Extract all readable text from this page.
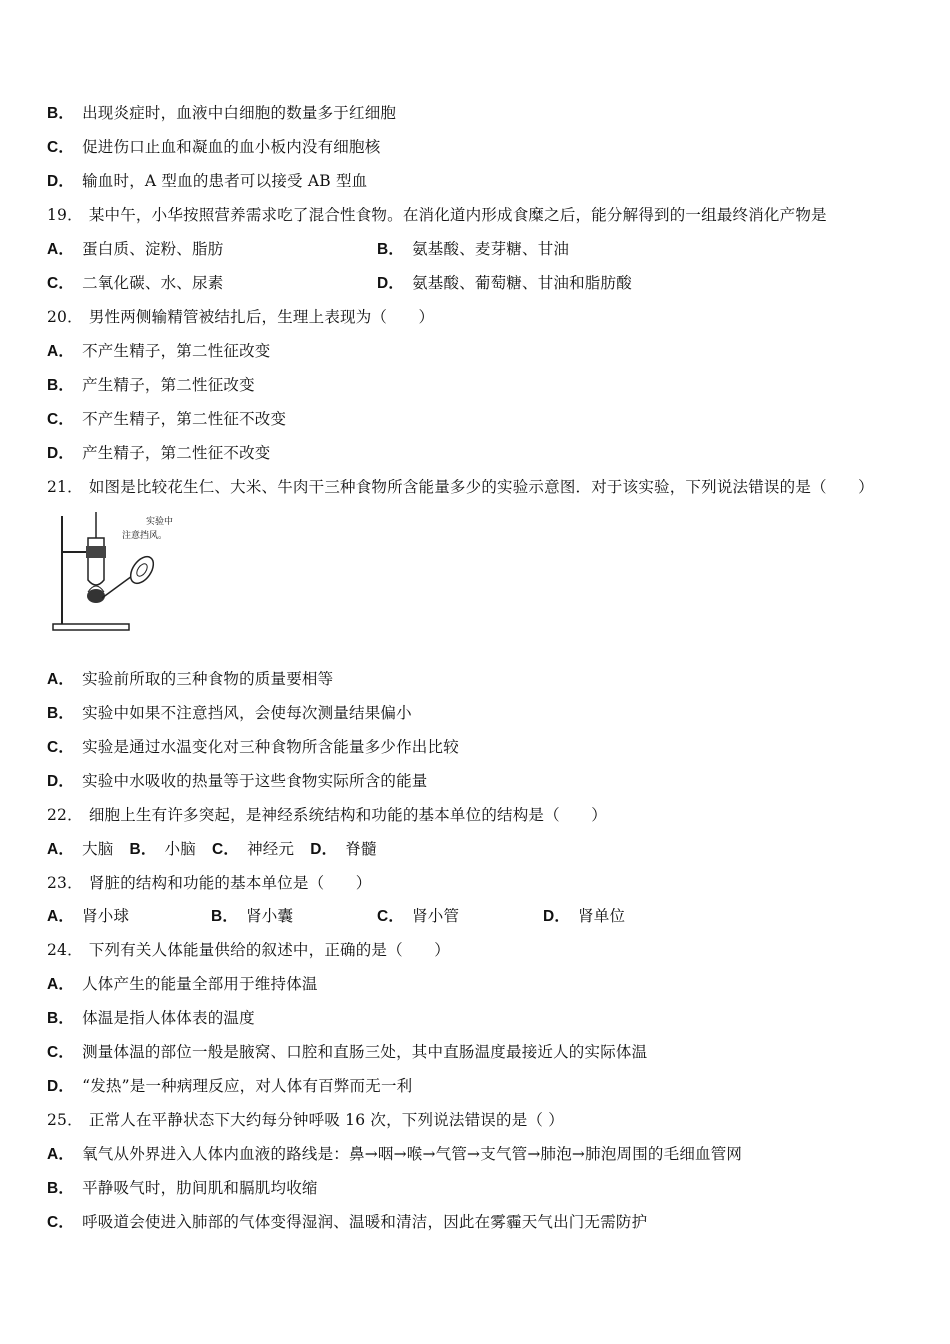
B． 出现炎症时，血液中白细胞的数量多于红细胞
C． 促进伤口止血和凝血的血小板内没有细胞核
D． 输血时，A 型血的患者可以接受 AB 型血
19． 某中午，小华按照营养需求吃了混合性食物。在消化道内形成食糜之后，能分解得到的一组最终消化产物是
A． 蛋白质、淀粉、脂肪	B． 氨基酸、麦芽糖、甘油
C． 二氧化碳、水、尿素	D． 氨基酸、葡萄糖、甘油和脂肪酸
20． 男性两侧输精管被结扎后，生理上表现为（　　）
A． 不产生精子，第二性征改变
B． 产生精子，第二性征改变
C． 不产生精子，第二性征不改变
D． 产生精子，第二性征不改变
21． 如图是比较花生仁、大米、牛肉干三种食物所含能量多少的实验示意图．对于该实验，下列说法错误的是（　　）
实验中
注意挡风。
A． 实验前所取的三种食物的质量要相等
B． 实验中如果不注意挡风，会使每次测量结果偏小
C． 实验是通过水温变化对三种食物所含能量多少作出比较
D． 实验中水吸收的热量等于这些食物实际所含的能量
22． 细胞上生有许多突起，是神经系统结构和功能的基本单位的结构是（　　）
A． 大脑 B． 小脑 C． 神经元 D． 脊髓
23． 肾脏的结构和功能的基本单位是（　　）
A． 肾小球	B． 肾小囊	C． 肾小管	D． 肾单位
24． 下列有关人体能量供给的叙述中，正确的是（　　）
A． 人体产生的能量全部用于维持体温
B． 体温是指人体体表的温度
C． 测量体温的部位一般是腋窝、口腔和直肠三处，其中直肠温度最接近人的实际体温
D． “发热”是一种病理反应，对人体有百弊而无一利
25． 正常人在平静状态下大约每分钟呼吸 16 次，下列说法错误的是（ ）
A． 氧气从外界进入人体内血液的路线是：鼻→咽→喉→气管→支气管→肺泡→肺泡周围的毛细血管网
B． 平静吸气时，肋间肌和膈肌均收缩
C． 呼吸道会使进入肺部的气体变得湿润、温暖和清洁，因此在雾霾天气出门无需防护
